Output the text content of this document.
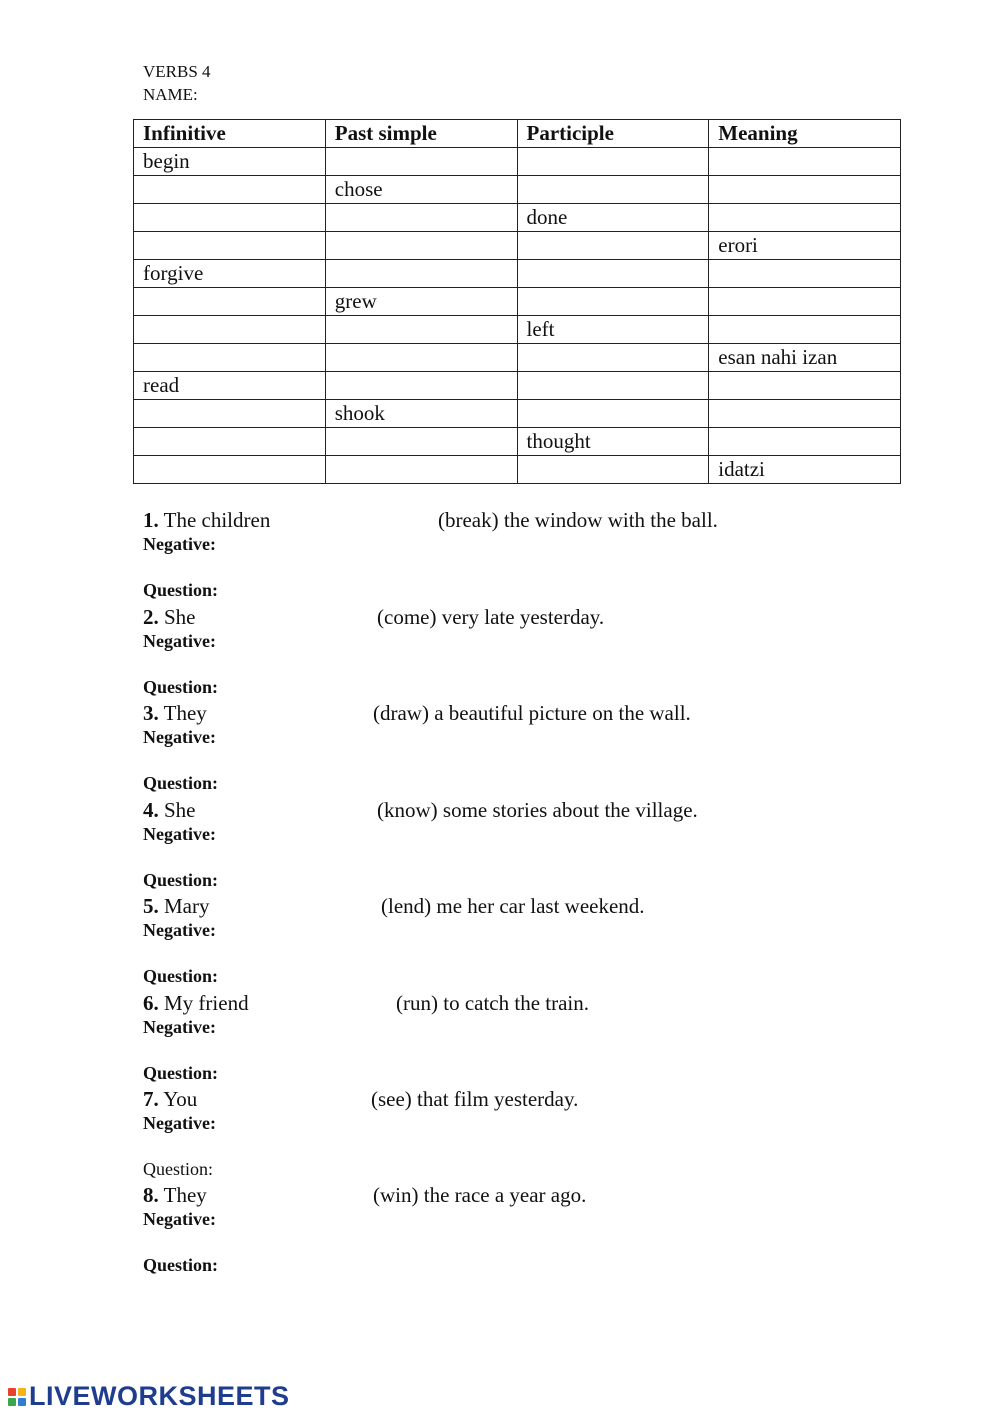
VERBS 4
NAME:
Infinitive	Past simple	Participle	Meaning
begin			
	chose		
		done	
			erori
forgive			
	grew		
		left	
			esan nahi izan
read			
	shook		
		thought	
			idatzi
1. The children	(break) the window with the ball.
Negative:
Question:
2. She	(come) very late yesterday.
Negative:
Question:
3. They	(draw) a beautiful picture on the wall.
Negative:
Question:
4. She	(know) some stories about the village.
Negative:
Question:
5. Mary	(lend) me her car last weekend.
Negative:
Question:
6. My friend	(run) to catch the train.
Negative:
Question:
7. You	(see) that film yesterday.
Negative:
Question:
8. They	(win) the race a year ago.
Negative:
Question:
LIVEWORKSHEETS
